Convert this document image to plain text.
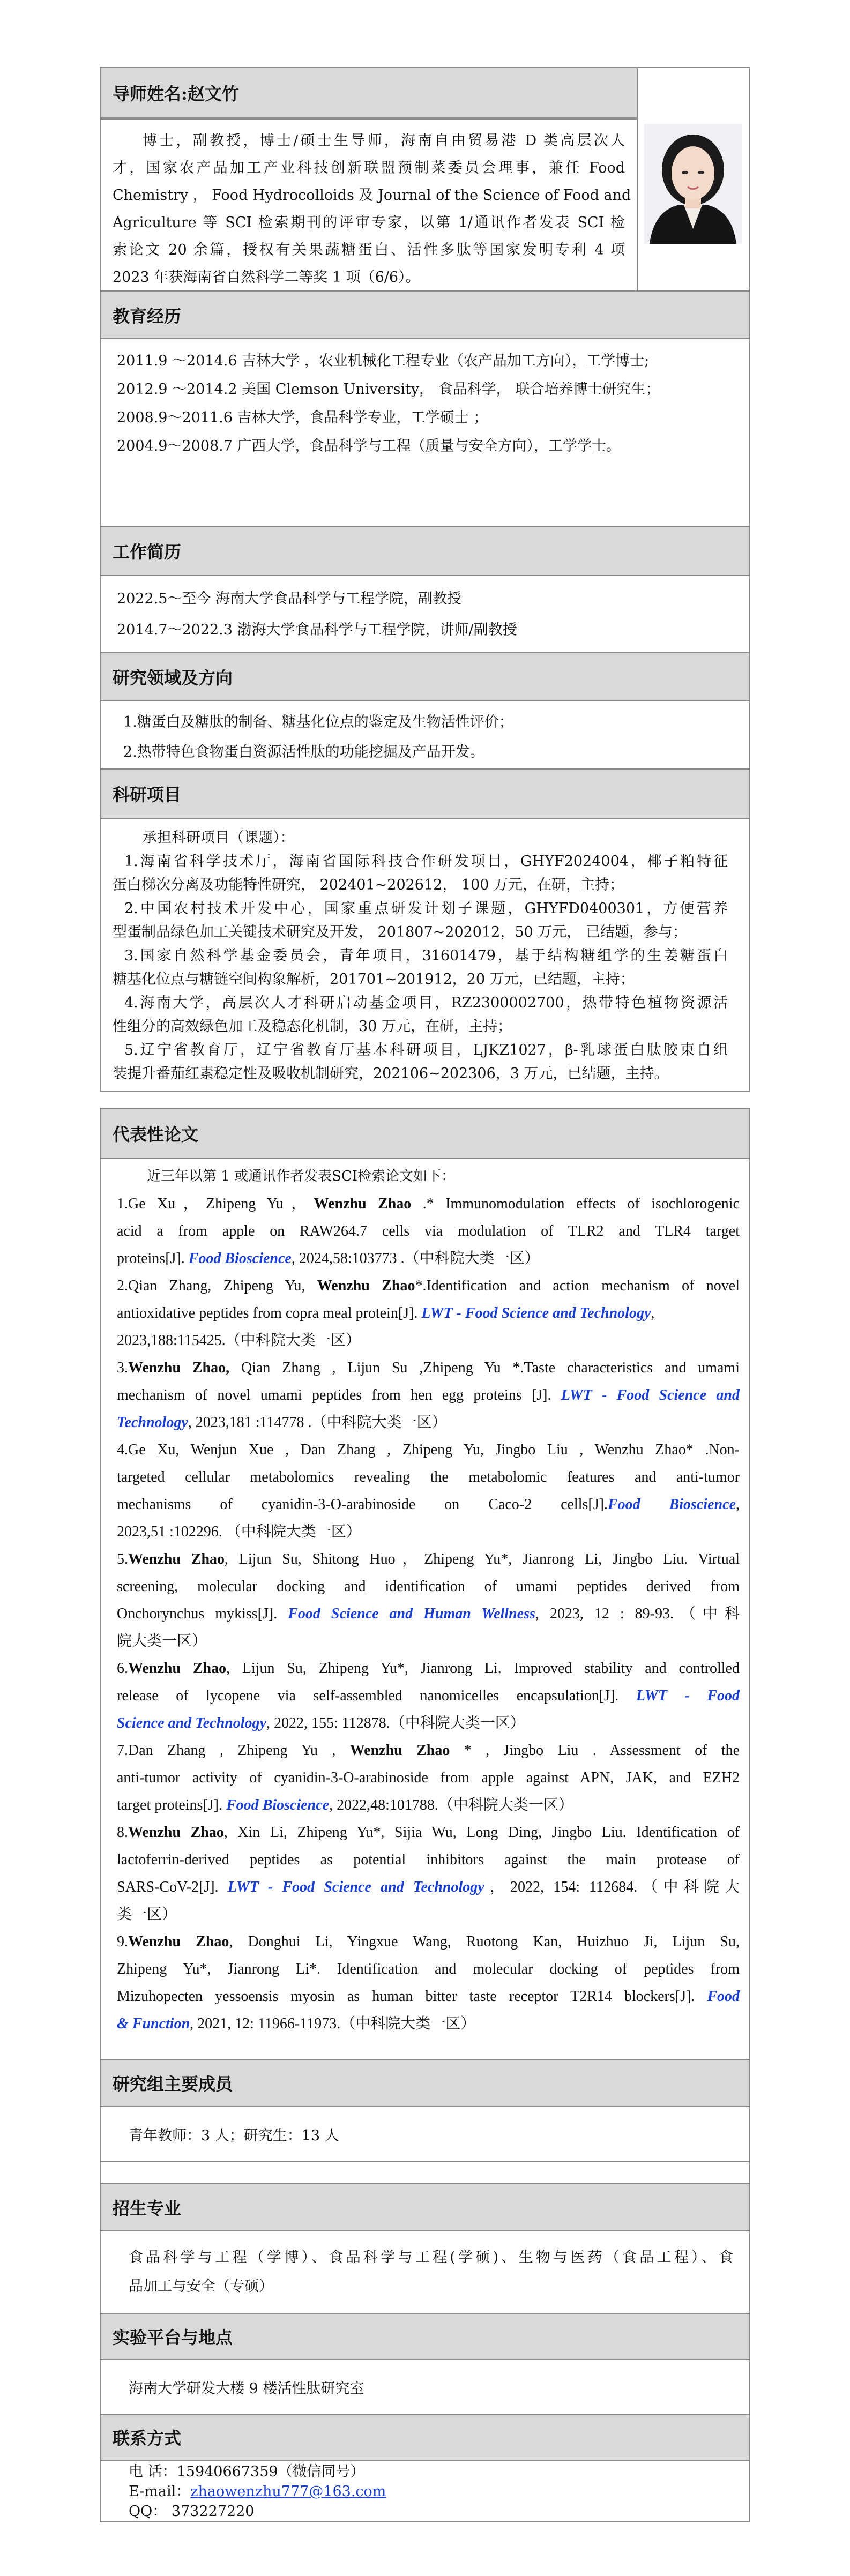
导师姓名:赵文竹
博士，副教授，博士/硕士生导师，海南自由贸易港 D 类高层次人
才，国家农产品加工产业科技创新联盟预制菜委员会理事，兼任 Food
Chemistry ， Food Hydrocolloids 及 Journal of the Science of Food and
Agriculture 等 SCI 检索期刊的评审专家，以第 1/通讯作者发表 SCI 检
索论文 20 余篇，授权有关果蔬糖蛋白、活性多肽等国家发明专利 4 项
2023 年获海南省自然科学二等奖 1 项（6/6）。
教育经历
2011.9 ～2014.6 吉林大学 ，农业机械化工程专业（农产品加工方向），工学博士;
2012.9 ～2014.2 美国 Clemson University， 食品科学， 联合培养博士研究生；
2008.9～2011.6 吉林大学，食品科学专业，工学硕士 ；
2004.9～2008.7 广西大学，食品科学与工程（质量与安全方向），工学学士。
工作简历
2022.5～至今 海南大学食品科学与工程学院，副教授
2014.7～2022.3 渤海大学食品科学与工程学院，讲师/副教授
研究领域及方向
1.糖蛋白及糖肽的制备、糖基化位点的鉴定及生物活性评价；
2.热带特色食物蛋白资源活性肽的功能挖掘及产品开发。
科研项目
承担科研项目（课题）：
1.海南省科学技术厅，海南省国际科技合作研发项目，GHYF2024004，椰子粕特征
蛋白梯次分离及功能特性研究， 202401~202612， 100 万元，在研，主持；
2.中国农村技术开发中心，国家重点研发计划子课题，GHYFD0400301，方便营养
型蛋制品绿色加工关键技术研究及开发， 201807~202012，50 万元， 已结题，参与；
3.国家自然科学基金委员会，青年项目，31601479，基于结构糖组学的生姜糖蛋白
糖基化位点与糖链空间构象解析，201701~201912，20 万元，已结题，主持；
4.海南大学，高层次人才科研启动基金项目，RZ2300002700，热带特色植物资源活
性组分的高效绿色加工及稳态化机制，30 万元，在研，主持；
5.辽宁省教育厅，辽宁省教育厅基本科研项目，LJKZ1027，β-乳球蛋白肽胶束自组
装提升番茄红素稳定性及吸收机制研究，202106~202306，3 万元，已结题，主持。
代表性论文
近三年以第 1 或通讯作者发表SCI检索论文如下：
1.Ge Xu，Zhipeng Yu，Wenzhu Zhao .* Immunomodulation effects of isochlorogenic
acid a from apple on RAW264.7 cells via modulation of TLR2 and TLR4 target
proteins[J]. Food Bioscience, 2024,58:103773 .（中科院大类一区）
2.Qian Zhang, Zhipeng Yu, Wenzhu Zhao*.Identification and action mechanism of novel
antioxidative peptides from copra meal protein[J]. LWT - Food Science and Technology,
2023,188:115425.（中科院大类一区）
3.Wenzhu Zhao, Qian Zhang , Lijun Su ,Zhipeng Yu *.Taste characteristics and umami
mechanism of novel umami peptides from hen egg proteins [J]. LWT - Food Science and
Technology, 2023,181 :114778 .（中科院大类一区）
4.Ge Xu, Wenjun Xue , Dan Zhang , Zhipeng Yu, Jingbo Liu , Wenzhu Zhao* .Non-
targeted cellular metabolomics revealing the metabolomic features and anti-tumor
mechanisms of cyanidin-3-O-arabinoside on Caco-2 cells[J].Food Bioscience,
2023,51 :102296. （中科院大类一区）
5.Wenzhu Zhao, Lijun Su, Shitong Huo，Zhipeng Yu*, Jianrong Li, Jingbo Liu. Virtual
screening, molecular docking and identification of umami peptides derived from
Onchorynchus mykiss[J]. Food Science and Human Wellness, 2023, 12 : 89-93.（中科
院大类一区）
6.Wenzhu Zhao, Lijun Su, Zhipeng Yu*, Jianrong Li. Improved stability and controlled
release of lycopene via self-assembled nanomicelles encapsulation[J]. LWT - Food
Science and Technology, 2022, 155: 112878.（中科院大类一区）
7.Dan Zhang , Zhipeng Yu , Wenzhu Zhao * , Jingbo Liu . Assessment of the
anti-tumor activity of cyanidin-3-O-arabinoside from apple against APN, JAK, and EZH2
target proteins[J]. Food Bioscience, 2022,48:101788.（中科院大类一区）
8.Wenzhu Zhao, Xin Li, Zhipeng Yu*, Sijia Wu, Long Ding, Jingbo Liu. Identification of
lactoferrin-derived peptides as potential inhibitors against the main protease of
SARS-CoV-2[J]. LWT - Food Science and Technology，2022, 154: 112684.（中科院大
类一区）
9.Wenzhu Zhao, Donghui Li, Yingxue Wang, Ruotong Kan, Huizhuo Ji, Lijun Su,
Zhipeng Yu*, Jianrong Li*. Identification and molecular docking of peptides from
Mizuhopecten yessoensis myosin as human bitter taste receptor T2R14 blockers[J]. Food
& Function, 2021, 12: 11966-11973.（中科院大类一区）
研究组主要成员
青年教师：3 人；研究生：13 人
招生专业
食品科学与工程（学博）、食品科学与工程(学硕)、生物与医药（食品工程）、食
品加工与安全（专硕）
实验平台与地点
海南大学研发大楼 9 楼活性肽研究室
联系方式
电 话：15940667359（微信同号）
E-mail：zhaowenzhu777@163.com
QQ： 373227220
